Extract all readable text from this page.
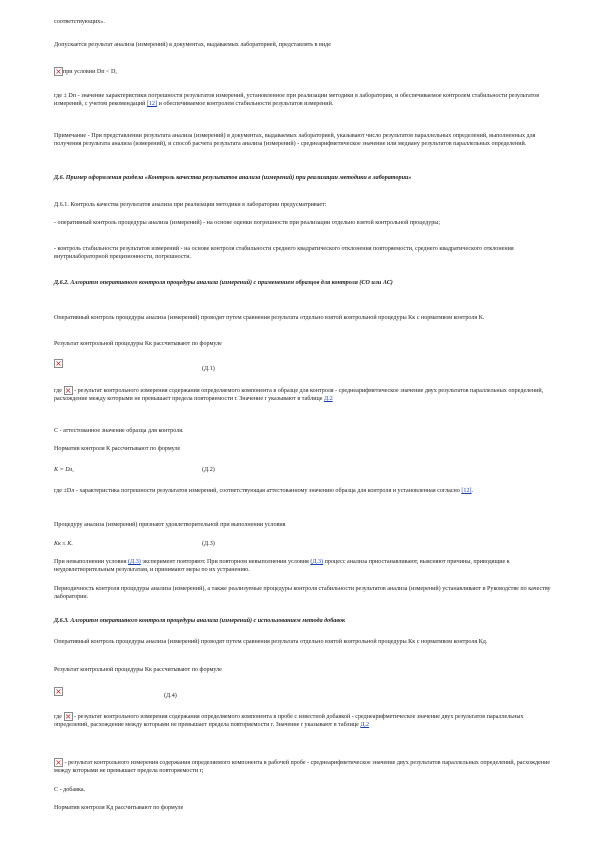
соответствующих».

Допускается результат анализа (измерений) в документах, выдаваемых лабораторией, представлять в виде

×при условии Dп < D,

где ± Dп - значение характеристики погрешности результатов измерений, установленное при реализации методики в лаборатории, и обеспечиваемое контролем стабильности результатов измерений, с учетом рекомендаций [12] и обеспечиваемое контролем стабильности результатов измерений.

Примечание - При представлении результата анализа (измерений) в документах, выдаваемых лабораторией, указывают число результатов параллельных определений, выполненных для получения результата анализа (измерений), и способ расчета результата анализа (измерений) - среднеарифметическое значение или медиану результатов параллельных определений.

Д.6. Пример оформления раздела «Контроль качества результатов анализа (измерений) при реализации методики в лаборатории»

Д.6.1. Контроль качества результатов анализа при реализации методики в лаборатории предусматривает:

- оперативный контроль процедуры анализа (измерений) - на основе оценки погрешности при реализации отдельно взятой контрольной процедуры;

- контроль стабильности результатов измерений - на основе контроля стабильности среднего квадратического отклонения повторяемости, среднего квадратического отклонения внутрилабораторной прецизионности, погрешности.

Д.6.2. Алгоритм оперативного контроля процедуры анализа (измерений) с применением образцов для контроля (СО или АС)

Оперативный контроль процедуры анализа (измерений) проводят путем сравнения результата отдельно взятой контрольной процедуры Кк с нормативом контроля К.

Результат контрольной процедуры Кк рассчитывают по формуле

×
(Д.1)

где × - результат контрольного измерения содержания определяемого компонента в образце для контроля - среднеарифметическое значение двух результатов параллельных определений, расхождение между которыми не превышает предела повторяемости r. Значение r указывают в таблице Д.2

С - аттестованное значение образца для контроля.

Норматив контроля К рассчитывают по формуле

K = Dл,	(Д.2)

где ±Dл - характеристика погрешности результатов измерений, соответствующая аттестованному значению образца для контроля и установленная согласно [12].

Процедуру анализа (измерений) признают удовлетворительной при выполнении условия

Кк ≤ К.	(Д.3)

При невыполнении условия (Д.3) эксперимент повторяют. При повторном невыполнении условия (Д.3) процесс анализа приостанавливают, выясняют причины, приводящие к неудовлетворительным результатам, и принимают меры по их устранению.

Периодичность контроля процедуры анализа (измерений), а также реализуемые процедуры контроля стабильности результатов анализа (измерений) устанавливают в Руководстве по качеству лаборатории.

Д.6.3. Алгоритм оперативного контроля процедуры анализа (измерений) с использованием метода добавок

Оперативный контроль процедуры анализа (измерений) проводят путем сравнения результата отдельно взятой контрольной процедуры Кк с нормативом контроля Кд.

Результат контрольной процедуры Кк рассчитывают по формуле

×
(Д.4)

где × - результат контрольного измерения содержания определяемого компонента в пробе с известной добавкой - среднеарифметическое значение двух результатов параллельных определений, расхождение между которыми не превышает предела повторяемости r. Значение r указывают в таблице Д.2

× - результат контрольного измерения содержания определяемого компонента в рабочей пробе - среднеарифметическое значение двух результатов параллельных определений, расхождение между которыми не превышает предела повторяемости r;

С - добавка.

Норматив контроля Кд рассчитывают по формуле
